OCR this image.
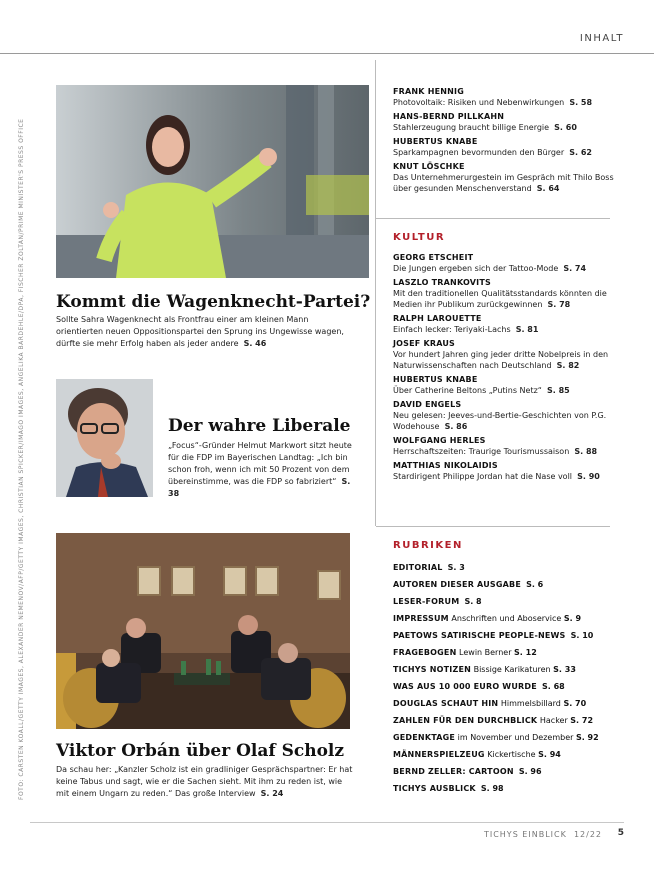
INHALT
FOTO: CARSTEN KOALL/GETTY IMAGES, ALEXANDER NEMENOV/AFP/GETTY IMAGES, CHRISTIAN SPICKER/IMAGO IMAGES, ANGELIKA BARDEHLE/DPA, FISCHER ZOLTAN/PRIME MINISTER'S PRESS OFFICE Kommt die Wagenknecht-Partei?
Sollte Sahra Wagenknecht als Frontfrau einer am kleinen Mann orientierten neuen Oppositionspartei den Sprung ins Ungewisse wagen, dürfte sie mehr Erfolg haben als jeder andere S. 46
Der wahre Liberale
„Focus“-Gründer Helmut Markwort sitzt heute für die FDP im Bayerischen Landtag: „Ich bin schon froh, wenn ich mit 50 Prozent von dem übereinstimme, was die FDP so fabriziert“ S. 38
Viktor Orbán über Olaf Scholz
Da schau her: „Kanzler Scholz ist ein gradliniger Gesprächspartner: Er hat keine Tabus und sagt, wie er die Sachen sieht. Mit ihm zu reden ist, wie mit einem Ungarn zu reden.“ Das große Interview S. 24
FRANK HENNIG
Photovoltaik: Risiken und Nebenwirkungen S. 58
HANS-BERND PILLKAHN
Stahlerzeugung braucht billige Energie S. 60
HUBERTUS KNABE
Sparkampagnen bevormunden den Bürger S. 62
KNUT LÖSCHKE
Das Unternehmerurgestein im Gespräch mit Thilo Boss über gesunden Menschenverstand S. 64
KULTUR
GEORG ETSCHEIT
Die Jungen ergeben sich der Tattoo-Mode S. 74
LASZLO TRANKOVITS
Mit den traditionellen Qualitätsstandards könnten die Medien ihr Publikum zurückgewinnen S. 78
RALPH LAROUETTE
Einfach lecker: Teriyaki-Lachs S. 81
JOSEF KRAUS
Vor hundert Jahren ging jeder dritte Nobelpreis in den Naturwissenschaften nach Deutschland S. 82
HUBERTUS KNABE
Über Catherine Beltons „Putins Netz“ S. 85
DAVID ENGELS
Neu gelesen: Jeeves-und-Bertie-Geschichten von P.G. Wodehouse S. 86
WOLFGANG HERLES
Herrschaftszeiten: Traurige Tourismussaison S. 88
MATTHIAS NIKOLAIDIS
Stardirigent Philippe Jordan hat die Nase voll S. 90
RUBRIKEN
EDITORIAL S. 3
AUTOREN DIESER AUSGABE S. 6
LESER-FORUM S. 8
IMPRESSUM Anschriften und Aboservice S. 9
PAETOWS SATIRISCHE PEOPLE-NEWS S. 10
FRAGEBOGEN Lewin Berner S. 12
TICHYS NOTIZEN Bissige Karikaturen S. 33
WAS AUS 10 000 EURO WURDE S. 68
DOUGLAS SCHAUT HIN Himmelsbillard S. 70
ZAHLEN FÜR DEN DURCHBLICK Hacker S. 72
GEDENKTAGE im November und Dezember S. 92
MÄNNERSPIELZEUG Kickertische S. 94
BERND ZELLER: CARTOON S. 96
TICHYS AUSBLICK S. 98
TICHYS EINBLICK 12/22 5
